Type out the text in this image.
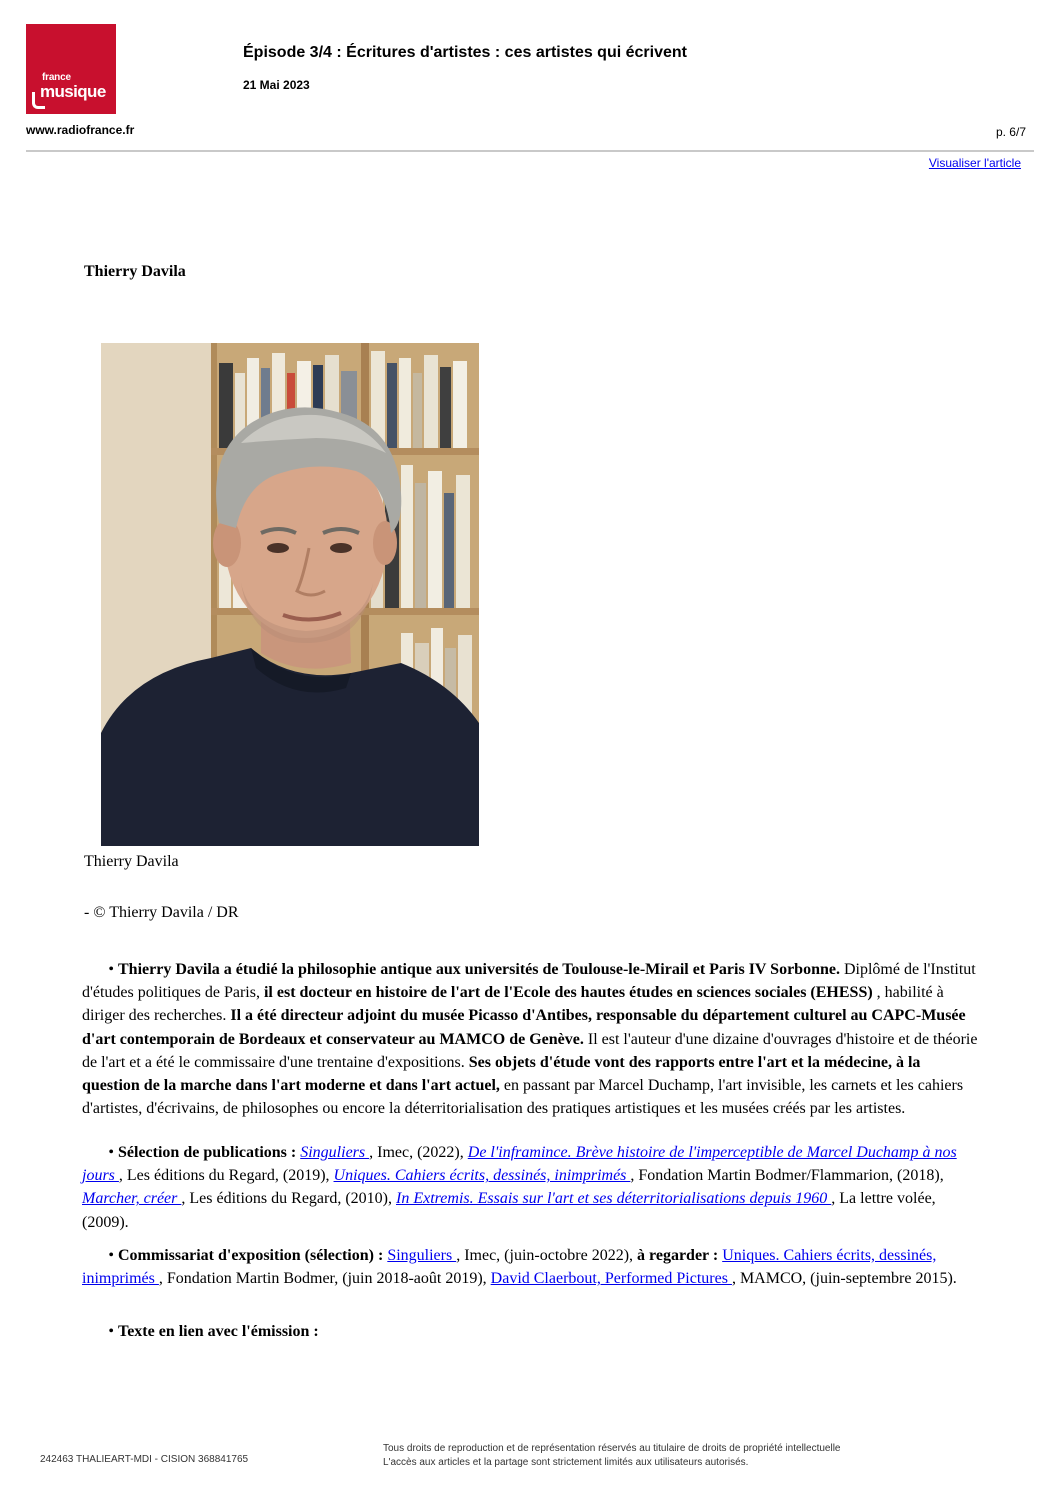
france
musique
Épisode 3/4 : Écritures d'artistes : ces artistes qui écrivent
21 Mai 2023
www.radiofrance.fr	p. 6/7
Visualiser l'article
Thierry Davila
Thierry Davila
- © Thierry Davila / DR
• Thierry Davila a étudié la philosophie antique aux universités de Toulouse-le-Mirail et Paris IV Sorbonne. Diplômé de l'Institut d'études politiques de Paris, il est docteur en histoire de l'art de l'Ecole des hautes études en sciences sociales (EHESS) , habilité à diriger des recherches. Il a été directeur adjoint du musée Picasso d'Antibes, responsable du département culturel au CAPC-Musée d'art contemporain de Bordeaux et conservateur au MAMCO de Genève. Il est l'auteur d'une dizaine d'ouvrages d'histoire et de théorie de l'art et a été le commissaire d'une trentaine d'expositions. Ses objets d'étude vont des rapports entre l'art et la médecine, à la question de la marche dans l'art moderne et dans l'art actuel, en passant par Marcel Duchamp, l'art invisible, les carnets et les cahiers d'artistes, d'écrivains, de philosophes ou encore la déterritorialisation des pratiques artistiques et les musées créés par les artistes.
• Sélection de publications : Singuliers , Imec, (2022), De l'inframince. Brève histoire de l'imperceptible de Marcel Duchamp à nos jours , Les éditions du Regard, (2019), Uniques. Cahiers écrits, dessinés, inimprimés , Fondation Martin Bodmer/Flammarion, (2018), Marcher, créer , Les éditions du Regard, (2010), In Extremis. Essais sur l'art et ses déterritorialisations depuis 1960 , La lettre volée, (2009).
• Commissariat d'exposition (sélection) : Singuliers , Imec, (juin-octobre 2022), à regarder : Uniques. Cahiers écrits, dessinés, inimprimés , Fondation Martin Bodmer, (juin 2018-août 2019), David Claerbout, Performed Pictures , MAMCO, (juin-septembre 2015).
• Texte en lien avec l'émission :
242463 THALIEART-MDI - CISION 368841765
Tous droits de reproduction et de représentation réservés au titulaire de droits de propriété intellectuelle
L'accès aux articles et la partage sont strictement limités aux utilisateurs autorisés.
